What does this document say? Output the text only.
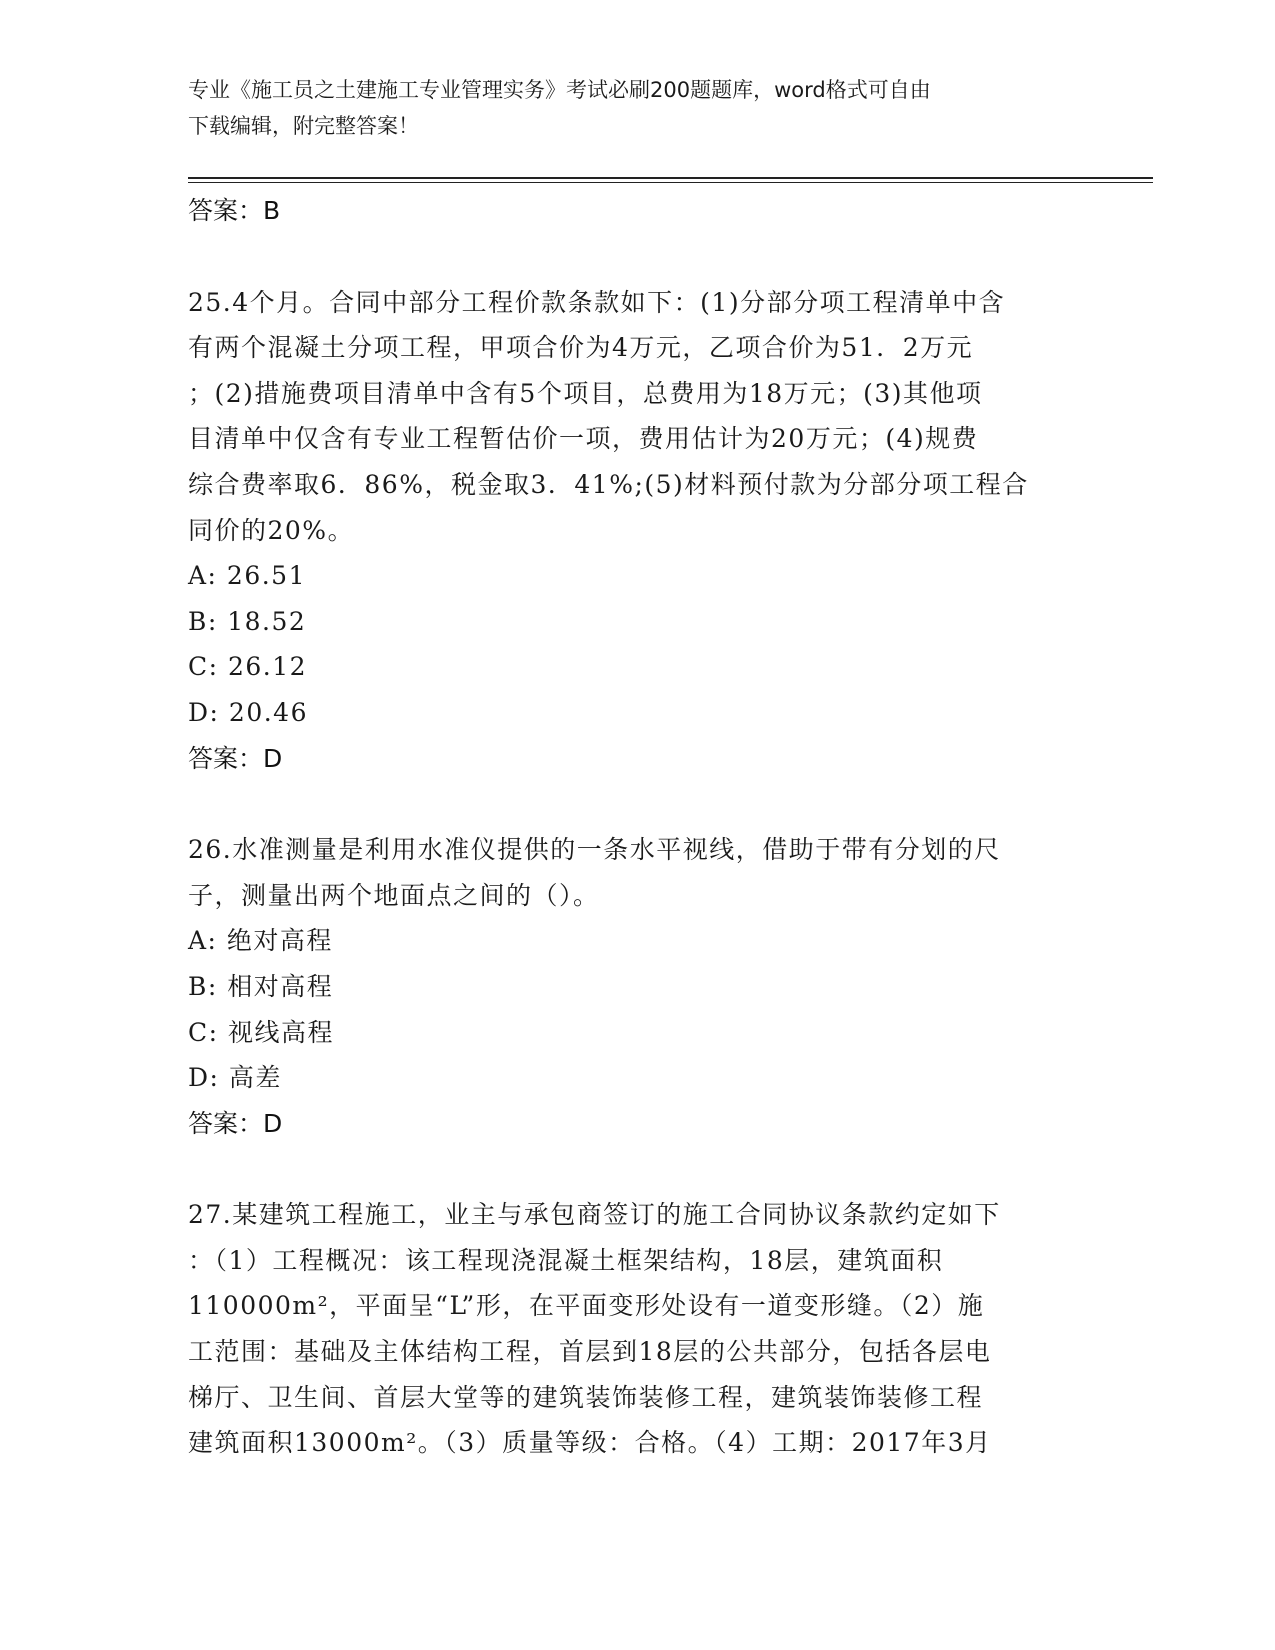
专业《施工员之土建施工专业管理实务》考试必刷200题题库，word格式可自由
下载编辑，附完整答案！
答案：B
25.4个月。合同中部分工程价款条款如下：(1)分部分项工程清单中含
有两个混凝土分项工程，甲项合价为4万元，乙项合价为51．2万元
；(2)措施费项目清单中含有5个项目，总费用为18万元；(3)其他项
目清单中仅含有专业工程暂估价一项，费用估计为20万元；(4)规费
综合费率取6．86%，税金取3．41%;(5)材料预付款为分部分项工程合
同价的20%。
A: 26.51
B: 18.52
C: 26.12
D: 20.46
答案：D
26.水准测量是利用水准仪提供的一条水平视线，借助于带有分划的尺
子，测量出两个地面点之间的（）。
A: 绝对高程
B: 相对高程
C: 视线高程
D: 高差
答案：D
27.某建筑工程施工，业主与承包商签订的施工合同协议条款约定如下
：（1）工程概况：该工程现浇混凝土框架结构，18层，建筑面积
110000m²，平面呈“L”形，在平面变形处设有一道变形缝。（2）施
工范围：基础及主体结构工程，首层到18层的公共部分，包括各层电
梯厅、卫生间、首层大堂等的建筑装饰装修工程，建筑装饰装修工程
建筑面积13000m²。（3）质量等级：合格。（4）工期：2017年3月
